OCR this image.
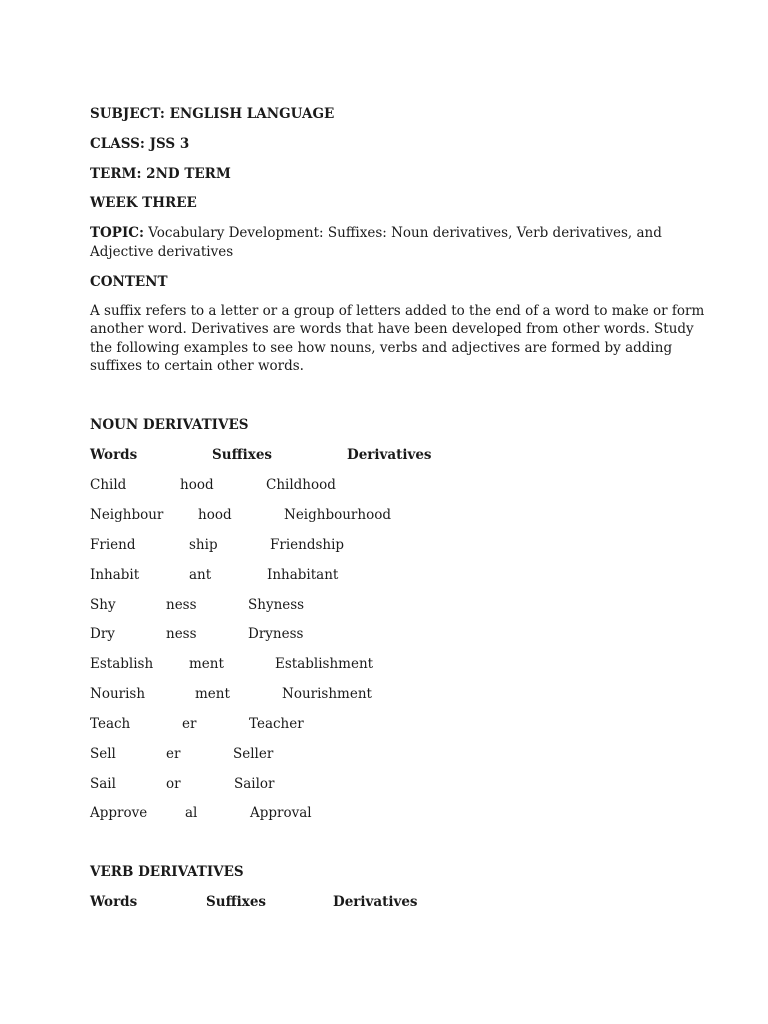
SUBJECT: ENGLISH LANGUAGE
CLASS: JSS 3
TERM: 2ND TERM
WEEK THREE
TOPIC: Vocabulary Development: Suffixes: Noun derivatives, Verb derivatives, and
Adjective derivatives
CONTENT
A suffix refers to a letter or a group of letters added to the end of a word to make or form
another word. Derivatives are words that have been developed from other words. Study
the following examples to see how nouns, verbs and adjectives are formed by adding
suffixes to certain other words.
NOUN DERIVATIVES
Words	Suffixes	Derivatives
Child	hood	Childhood
Neighbour	hood	Neighbourhood
Friend	ship	Friendship
Inhabit	ant	Inhabitant
Shy	ness	Shyness
Dry	ness	Dryness
Establish	ment	Establishment
Nourish	ment	Nourishment
Teach	er	Teacher
Sell	er	Seller
Sail	or	Sailor
Approve	al	Approval
VERB DERIVATIVES
Words	Suffixes	Derivatives
